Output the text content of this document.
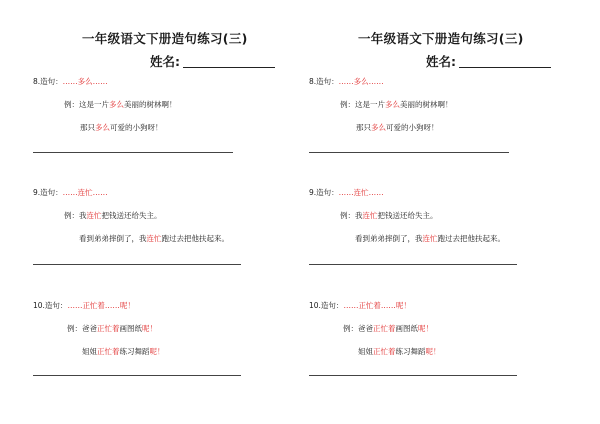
一年级语文下册造句练习(三)
姓名:
8.造句：……多么……
例：这是一片多么美丽的树林啊！
那只多么可爱的小狗呀！
9.造句：……连忙……
例：我连忙把钱送还给失主。
看到弟弟摔倒了，我连忙跑过去把他扶起来。
10.造句：……正忙着……呢！
例：爸爸正忙着画图纸呢！
姐姐正忙着练习舞蹈呢！
一年级语文下册造句练习(三)
姓名:
8.造句：……多么……
例：这是一片多么美丽的树林啊！
那只多么可爱的小狗呀！
9.造句：……连忙……
例：我连忙把钱送还给失主。
看到弟弟摔倒了，我连忙跑过去把他扶起来。
10.造句：……正忙着……呢！
例：爸爸正忙着画图纸呢！
姐姐正忙着练习舞蹈呢！
